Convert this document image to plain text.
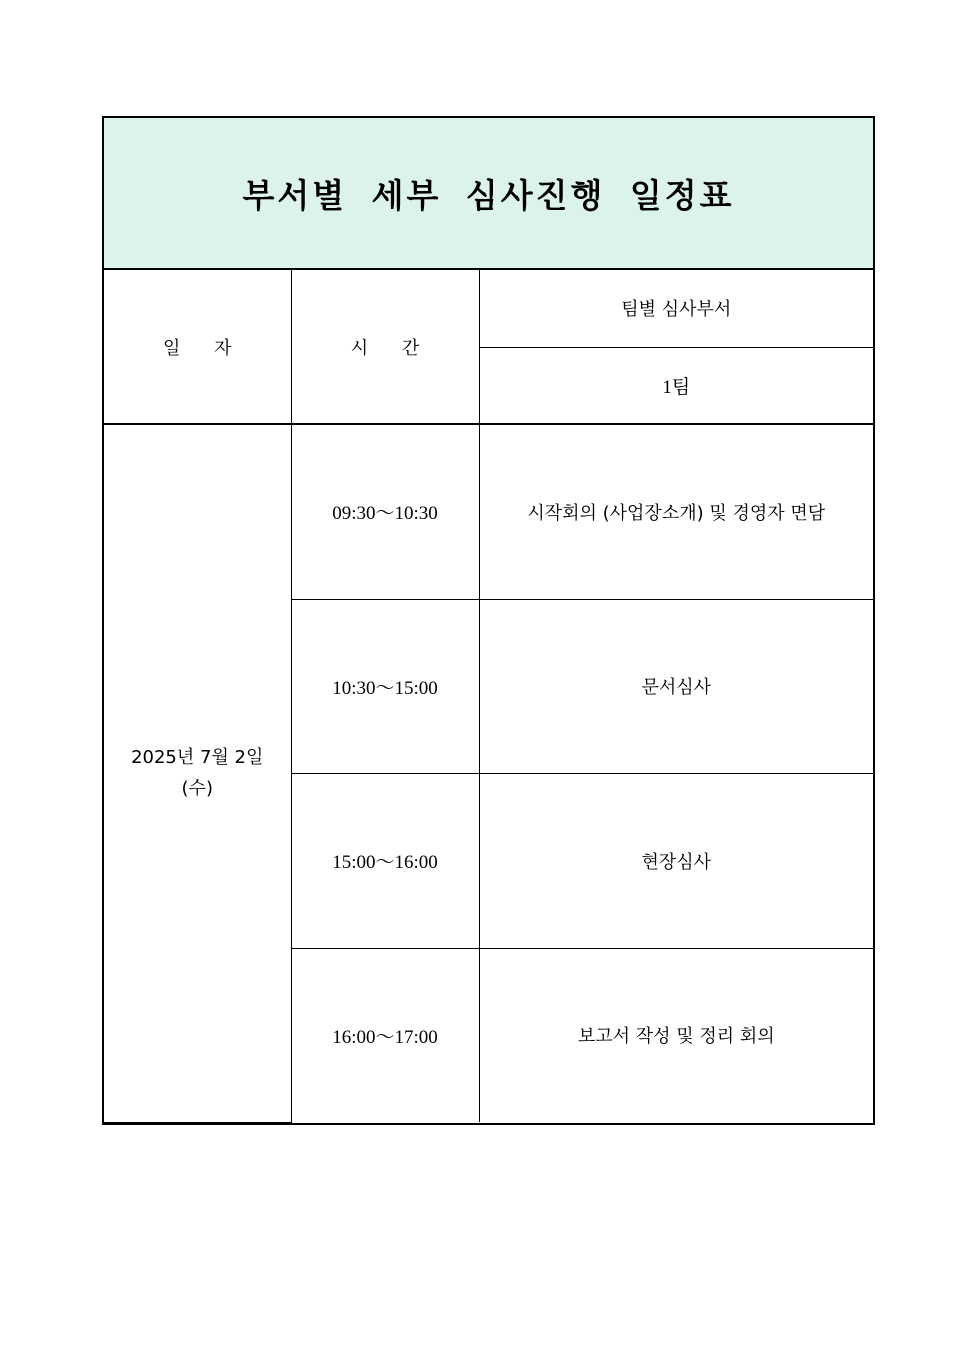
부서별 세부 심사진행 일정표
일 자	시 간	팀별 심사부서
		1팀

2025년 7월 2일
(수)	09:30～10:30	시작회의 (사업장소개) 및 경영자 면담
	10:30～15:00	문서심사
	15:00～16:00	현장심사
	16:00～17:00	보고서 작성 및 정리 회의
